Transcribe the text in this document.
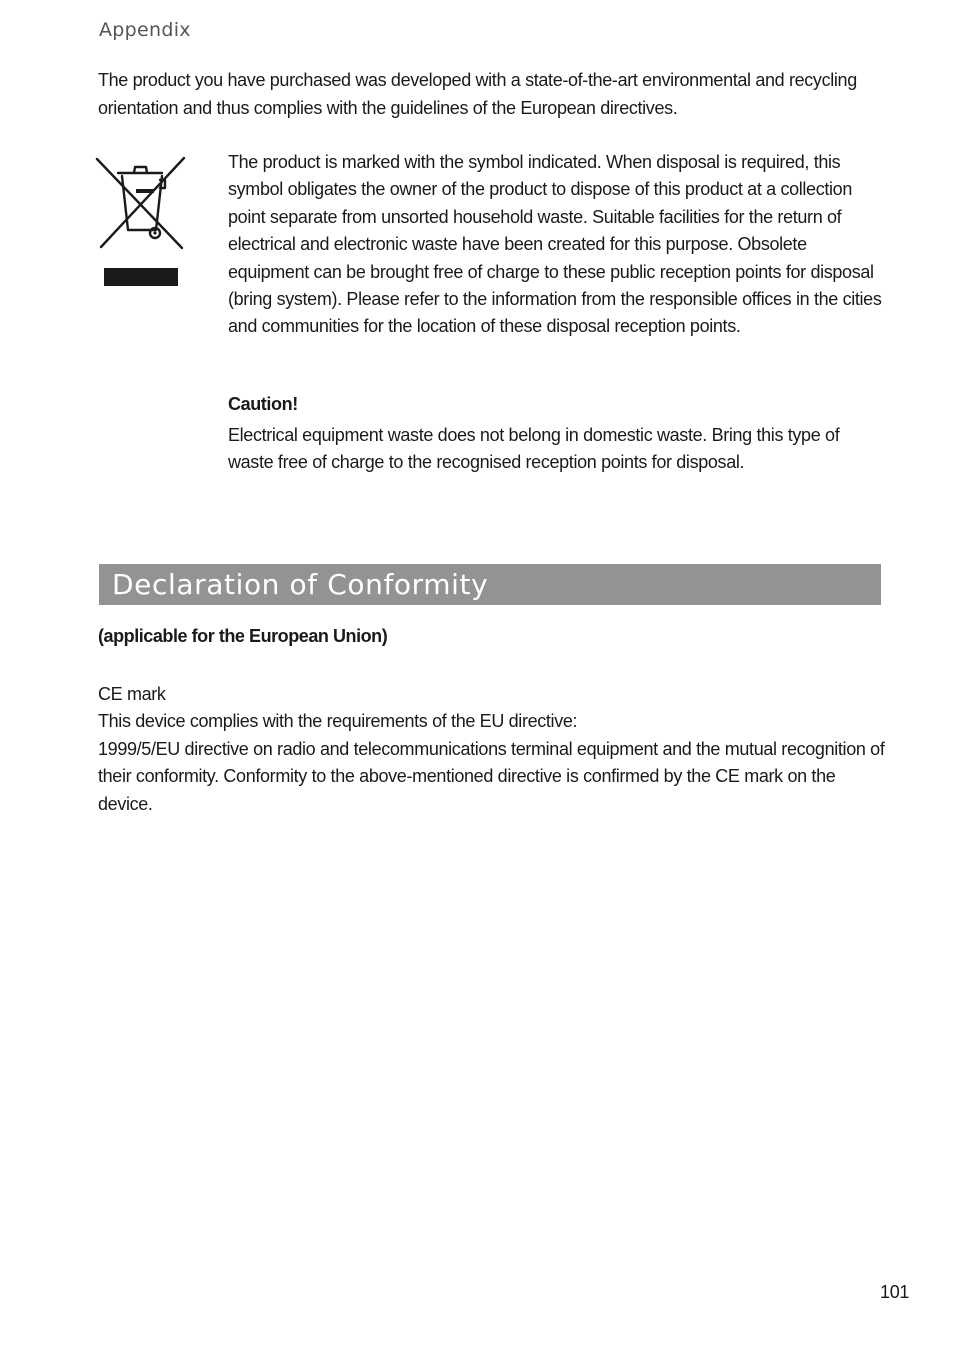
Appendix
The product you have purchased was developed with a state-of-the-art environmental and recycling orientation and thus complies with the guidelines of the European directives.
The product is marked with the symbol indicated. When disposal is required, this symbol obligates the owner of the product to dispose of this product at a collection point separate from unsorted household waste. Suitable facilities for the return of electrical and electronic waste have been created for this purpose. Obsolete equipment can be brought free of charge to these public reception points for disposal (bring system). Please refer to the information from the responsible offices in the cities and communities for the location of these disposal reception points.
Caution!
Electrical equipment waste does not belong in domestic waste. Bring this type of waste free of charge to the recognised reception points for disposal.
Declaration of Conformity
(applicable for the European Union)
CE mark
This device complies with the requirements of the EU directive:
1999/5/EU directive on radio and telecommunications terminal equipment and the mutual recognition of their conformity. Conformity to the above-mentioned directive is confirmed by the CE mark on the device.
101
